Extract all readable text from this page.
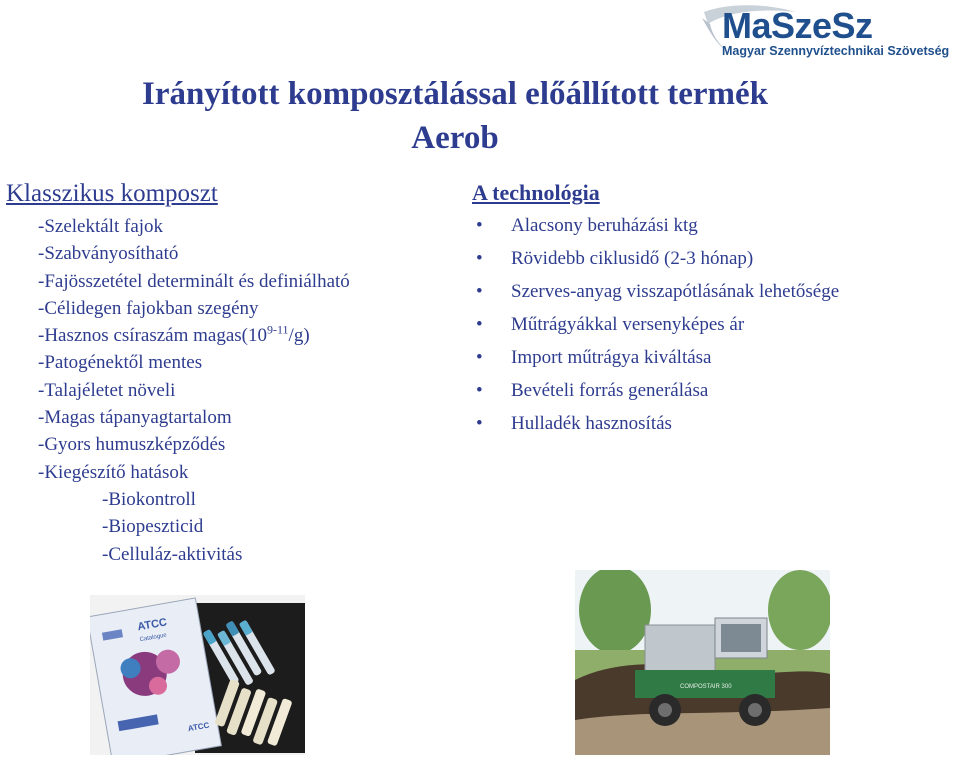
MaSzeSz

Magyar Szennyvíztechnikai Szövetség

Irányított komposztálással előállított termék
Aerob
Klasszikus komposzt
-Szelektált fajok
-Szabványosítható
-Fajösszetétel determinált és definiálható
-Célidegen fajokban szegény
-Hasznos csíraszám magas(10$^{9-11}$/g)
-Patogénektől mentes
-Talajéletet növeli
-Magas tápanyagtartalom
-Gyors humuszképződés
-Kiegészítő hatások
-Biokontroll
-Biopeszticid
-Celluláz-aktivitás
A technológia
• Alacsony beruházási ktg
• Rövidebb ciklusidő (2-3 hónap)
• Szerves-anyag visszapótlásának lehetősége
• Műtrágyákkal versenyképes ár
• Import műtrágya kiváltása
• Bevételi forrás generálása
• Hulladék hasznosítás
ATCC
Catalogue
ATCC
COMPOSTAIR 300
